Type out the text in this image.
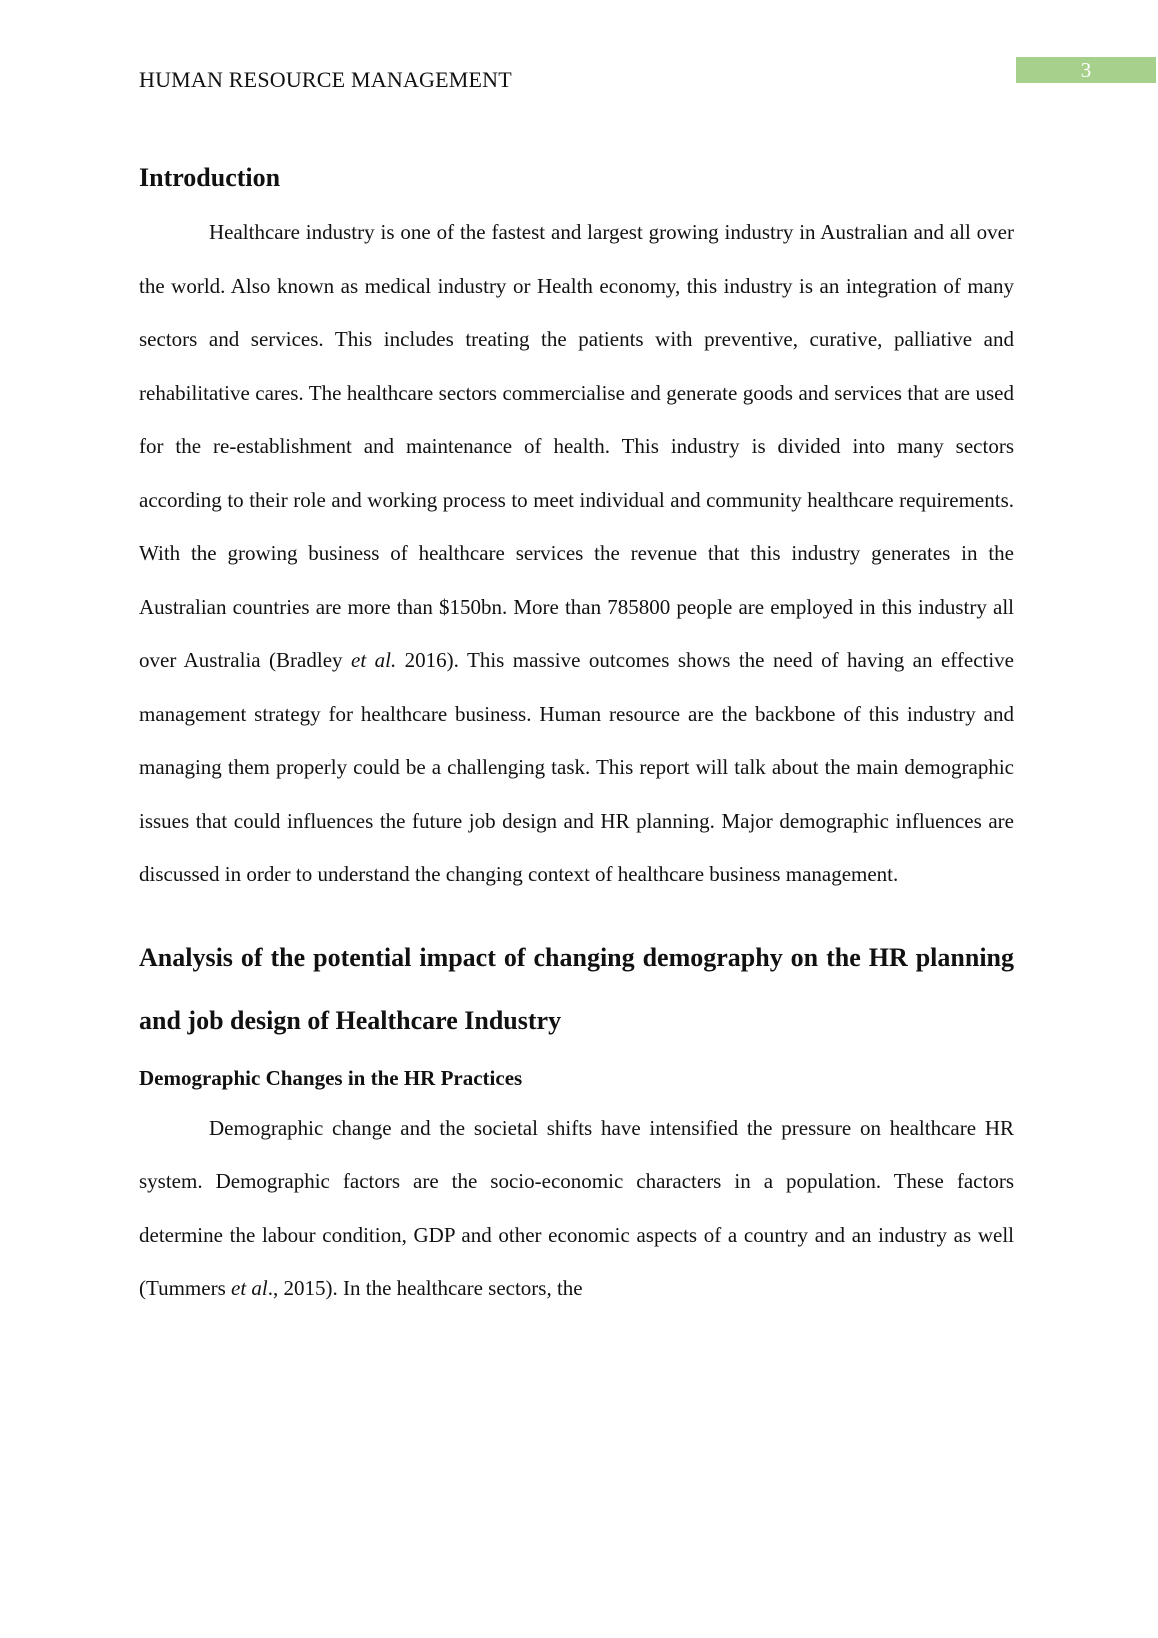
3
HUMAN RESOURCE MANAGEMENT
Introduction

Healthcare industry is one of the fastest and largest growing industry in Australian and all over the world. Also known as medical industry or Health economy, this industry is an integration of many sectors and services. This includes treating the patients with preventive, curative, palliative and rehabilitative cares. The healthcare sectors commercialise and generate goods and services that are used for the re-establishment and maintenance of health. This industry is divided into many sectors according to their role and working process to meet individual and community healthcare requirements. With the growing business of healthcare services the revenue that this industry generates in the Australian countries are more than $150bn. More than 785800 people are employed in this industry all over Australia (Bradley et al. 2016). This massive outcomes shows the need of having an effective management strategy for healthcare business. Human resource are the backbone of this industry and managing them properly could be a challenging task. This report will talk about the main demographic issues that could influences the future job design and HR planning. Major demographic influences are discussed in order to understand the changing context of healthcare business management.

Analysis of the potential impact of changing demography on the HR planning and job design of Healthcare Industry
Demographic Changes in the HR Practices

Demographic change and the societal shifts have intensified the pressure on healthcare HR system. Demographic factors are the socio-economic characters in a population. These factors determine the labour condition, GDP and other economic aspects of a country and an industry as well (Tummers et al., 2015). In the healthcare sectors, the
